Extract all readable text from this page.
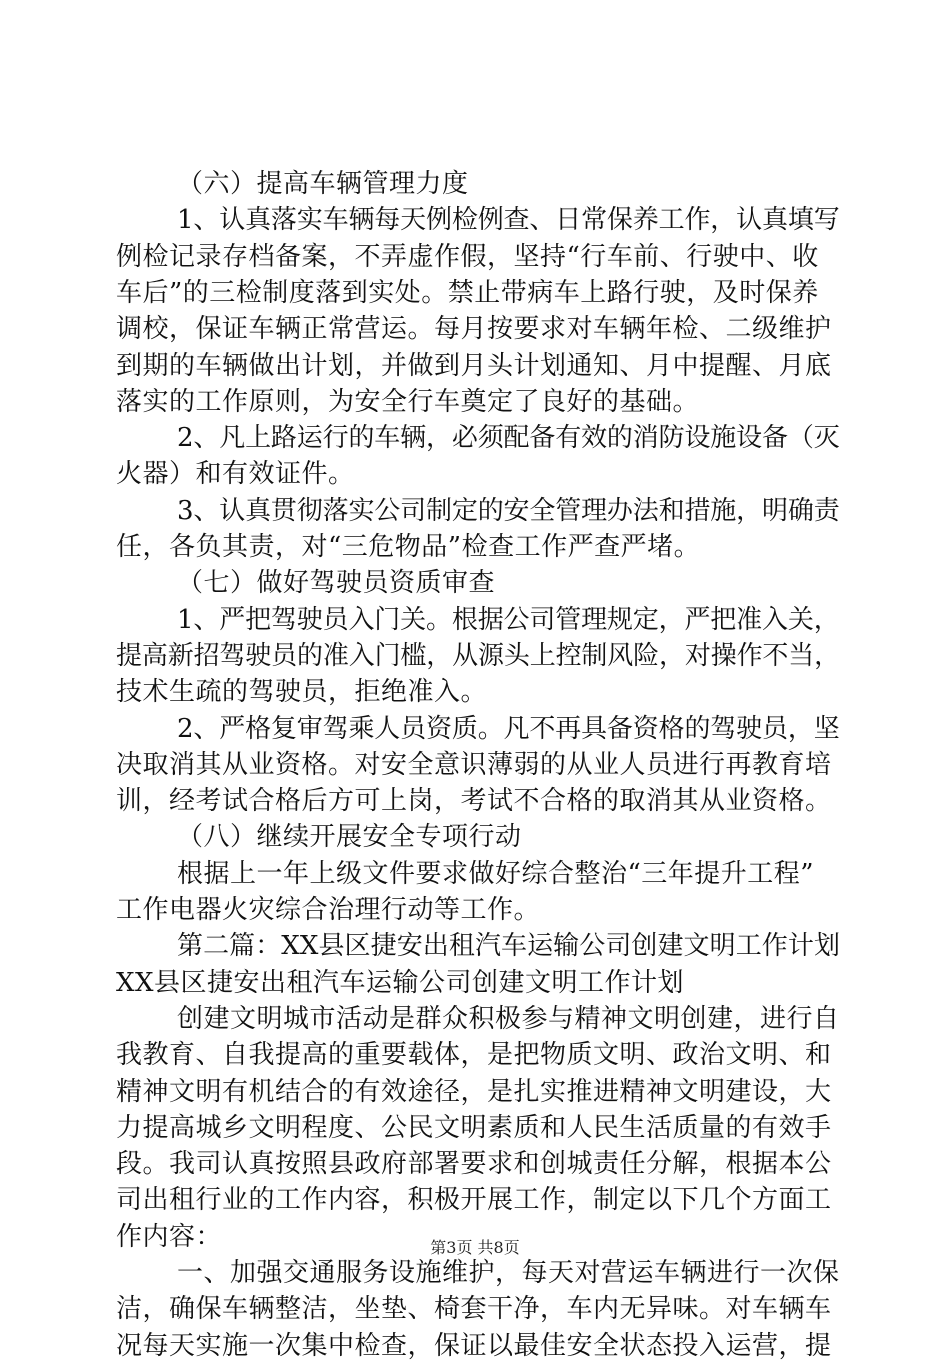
（六）提高车辆管理力度
1、认真落实车辆每天例检例查、日常保养工作，认真填写
例检记录存档备案，不弄虚作假，坚持“行车前、行驶中、收
车后”的三检制度落到实处。禁止带病车上路行驶，及时保养
调校，保证车辆正常营运。每月按要求对车辆年检、二级维护
到期的车辆做出计划，并做到月头计划通知、月中提醒、月底
落实的工作原则，为安全行车奠定了良好的基础。
2、凡上路运行的车辆，必须配备有效的消防设施设备（灭
火器）和有效证件。
3、认真贯彻落实公司制定的安全管理办法和措施，明确责
任，各负其责，对“三危物品”检查工作严查严堵。
（七）做好驾驶员资质审查
1、严把驾驶员入门关。根据公司管理规定，严把准入关，
提高新招驾驶员的准入门槛，从源头上控制风险，对操作不当，
技术生疏的驾驶员，拒绝准入。
2、严格复审驾乘人员资质。凡不再具备资格的驾驶员，坚
决取消其从业资格。对安全意识薄弱的从业人员进行再教育培
训，经考试合格后方可上岗，考试不合格的取消其从业资格。
（八）继续开展安全专项行动
根据上一年上级文件要求做好综合整治“三年提升工程”
工作电器火灾综合治理行动等工作。
第二篇：XX县区捷安出租汽车运输公司创建文明工作计划
XX县区捷安出租汽车运输公司创建文明工作计划
创建文明城市活动是群众积极参与精神文明创建，进行自
我教育、自我提高的重要载体，是把物质文明、政治文明、和
精神文明有机结合的有效途径，是扎实推进精神文明建设，大
力提高城乡文明程度、公民文明素质和人民生活质量的有效手
段。我司认真按照县政府部署要求和创城责任分解，根据本公
司出租行业的工作内容，积极开展工作，制定以下几个方面工
作内容：
一、加强交通服务设施维护，每天对营运车辆进行一次保
洁，确保车辆整洁，坐垫、椅套干净，车内无异味。对车辆车
况每天实施一次集中检查，保证以最佳安全状态投入运营，提
第3页 共8页
